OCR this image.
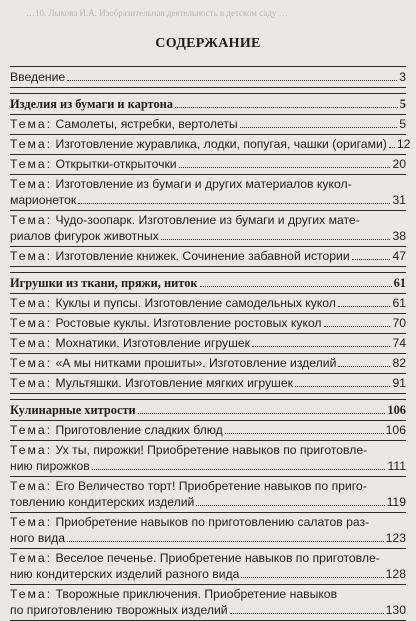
…10. Лыкова И.А. Изобразительная деятельность в детском саду …
СОДЕРЖАНИЕ
Введение	3
Изделия из бумаги и картона	5
Тема: Самолеты, ястребки, вертолеты	5
Тема: Изготовление журавлика, лодки, попугая, чашки (оригами) 12
Тема: Открытки-открыточки	20
Тема: Изготовление из бумаги и других материалов кукол-
марионеток	31
Тема: Чудо-зоопарк. Изготовление из бумаги и других мате-
риалов фигурок животных	38
Тема: Изготовление книжек. Сочинение забавной истории	47
Игрушки из ткани, пряжи, ниток	61
Тема: Куклы и пупсы. Изготовление самодельных кукол	61
Тема: Ростовые куклы. Изготовление ростовых кукол	70
Тема: Мохнатики. Изготовление игрушек	74
Тема: «А мы нитками прошиты». Изготовление изделий	82
Тема: Мультяшки. Изготовление мягких игрушек	91
Кулинарные хитрости	106
Тема: Приготовление сладких блюд	106
Тема: Ух ты, пирожки! Приобретение навыков по приготовле-
нию пирожков	111
Тема: Его Величество торт! Приобретение навыков по приго-
товлению кондитерских изделий	119
Тема: Приобретение навыков по приготовлению салатов раз-
ного вида	123
Тема: Веселое печенье. Приобретение навыков по приготовле-
нию кондитерских изделий разного вида	128
Тема: Творожные приключения. Приобретение навыков
по приготовлению творожных изделий	130
